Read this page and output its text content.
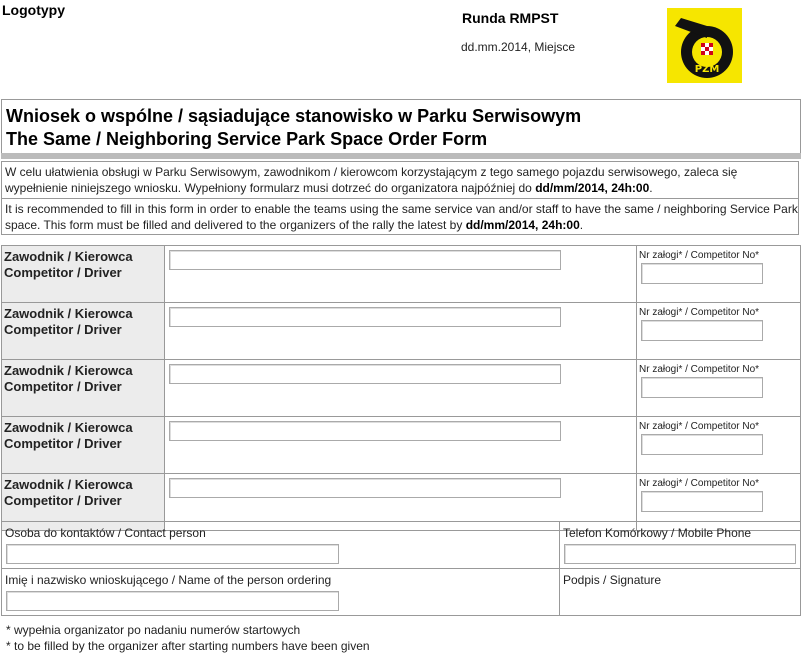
Logotypy	Runda RMPST
dd.mm.2014, Miejsce
PZM
Wniosek o wspólne / sąsiadujące stanowisko w Parku Serwisowym
The Same / Neighboring Service Park Space Order Form
W celu ułatwienia obsługi w Parku Serwisowym, zawodnikom / kierowcom korzystającym z tego samego pojazdu serwisowego, zaleca się wypełnienie niniejszego wniosku. Wypełniony formularz musi dotrzeć do organizatora najpóźniej do dd/mm/2014, 24h:00.
It is recommended to fill in this form in order to enable the teams using the same service van and/or staff to have the same / neighboring Service Park space. This form must be filled and delivered to the organizers of the rally the latest by dd/mm/2014, 24h:00.
Zawodnik / Kierowca
Competitor / Driver		Nr załogi* / Competitor No*

Zawodnik / Kierowca
Competitor / Driver		Nr załogi* / Competitor No*

Zawodnik / Kierowca
Competitor / Driver		Nr załogi* / Competitor No*

Zawodnik / Kierowca
Competitor / Driver		Nr załogi* / Competitor No*

Zawodnik / Kierowca
Competitor / Driver		Nr załogi* / Competitor No*
Osoba do kontaktów / Contact person	Telefon Komórkowy / Mobile Phone

Imię i nazwisko wnioskującego / Name of the person ordering	Podpis / Signature
* wypełnia organizator po nadaniu numerów startowych
* to be filled by the organizer after starting numbers have been given
